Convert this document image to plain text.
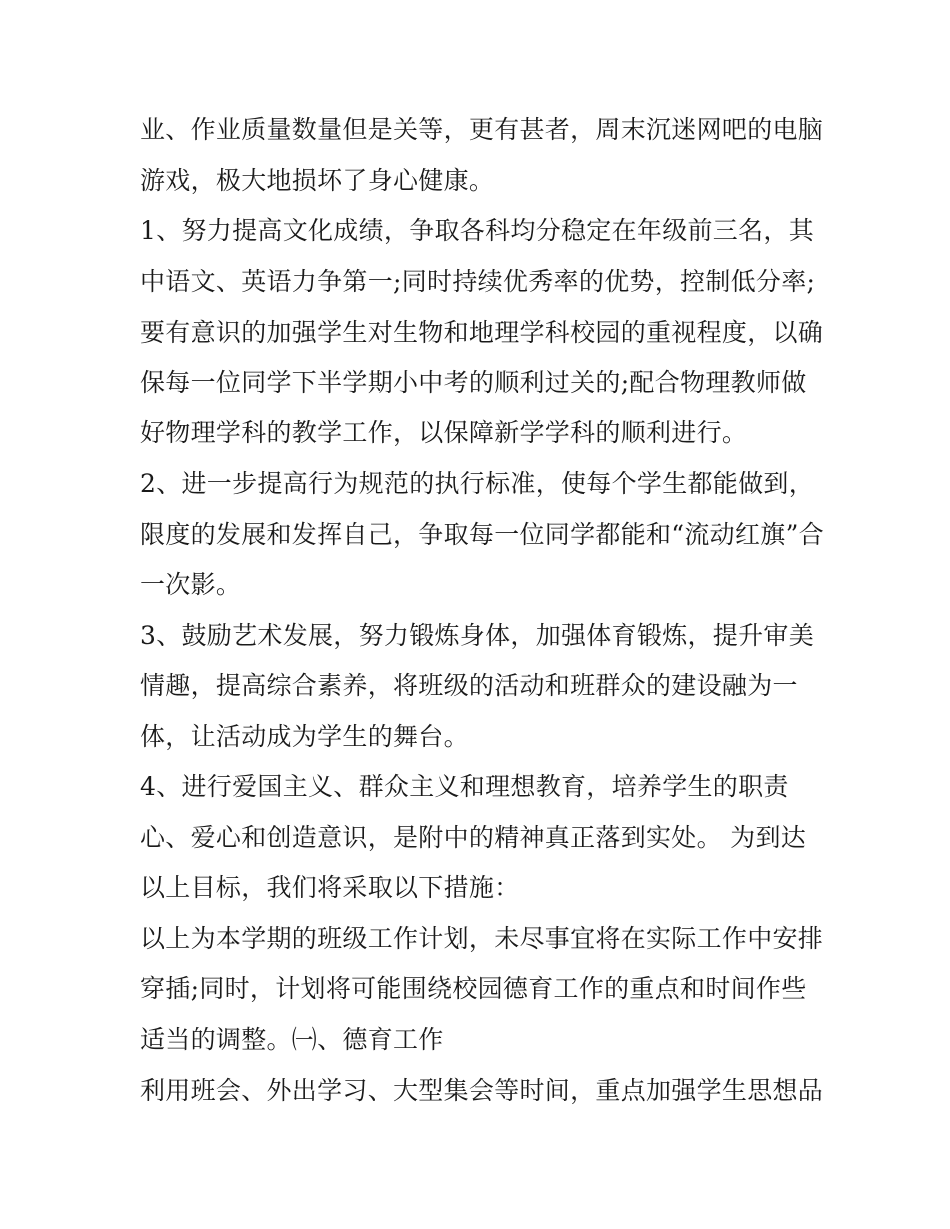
业、作业质量数量但是关等，更有甚者，周末沉迷网吧的电脑
游戏，极大地损坏了身心健康。
1、努力提高文化成绩，争取各科均分稳定在年级前三名，其
中语文、英语力争第一;同时持续优秀率的优势，控制低分率;
要有意识的加强学生对生物和地理学科校园的重视程度，以确
保每一位同学下半学期小中考的顺利过关的;配合物理教师做
好物理学科的教学工作，以保障新学学科的顺利进行。
2、进一步提高行为规范的执行标准，使每个学生都能做到，
限度的发展和发挥自己，争取每一位同学都能和“流动红旗”合
一次影。
3、鼓励艺术发展，努力锻炼身体，加强体育锻炼，提升审美
情趣，提高综合素养，将班级的活动和班群众的建设融为一
体，让活动成为学生的舞台。
4、进行爱国主义、群众主义和理想教育，培养学生的职责
心、爱心和创造意识，是附中的精神真正落到实处。 为到达
以上目标，我们将采取以下措施：
以上为本学期的班级工作计划，未尽事宜将在实际工作中安排
穿插;同时，计划将可能围绕校园德育工作的重点和时间作些
适当的调整。㈠、德育工作
利用班会、外出学习、大型集会等时间，重点加强学生思想品
